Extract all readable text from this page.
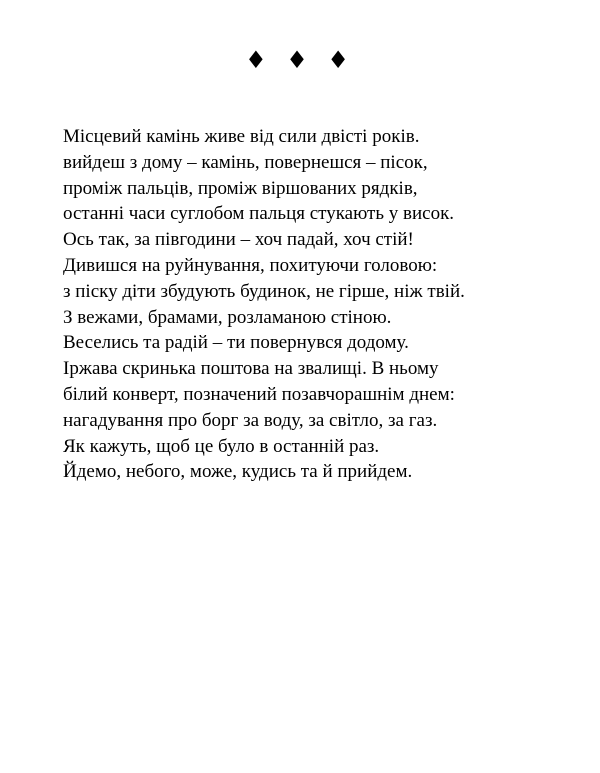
♦ ♦ ♦
Місцевий камінь живе від сили двісті років.
вийдеш з дому – камінь, повернешся – пісок,
проміж пальців, проміж віршованих рядків,
останні часи суглобом пальця стукають у висок.
Ось так, за півгодини – хоч падай, хоч стій!
Дивишся на руйнування, похитуючи головою:
з піску діти збудують будинок, не гірше, ніж твій.
З вежами, брамами, розламаною стіною.
Веселись та радій – ти повернувся додому.
Іржава скринька поштова на звалищі. В ньому
білий конверт, позначений позавчорашнім днем:
нагадування про борг за воду, за світло, за газ.
Як кажуть, щоб це було в останній раз.
Йдемо, небого, може, кудись та й прийдем.
